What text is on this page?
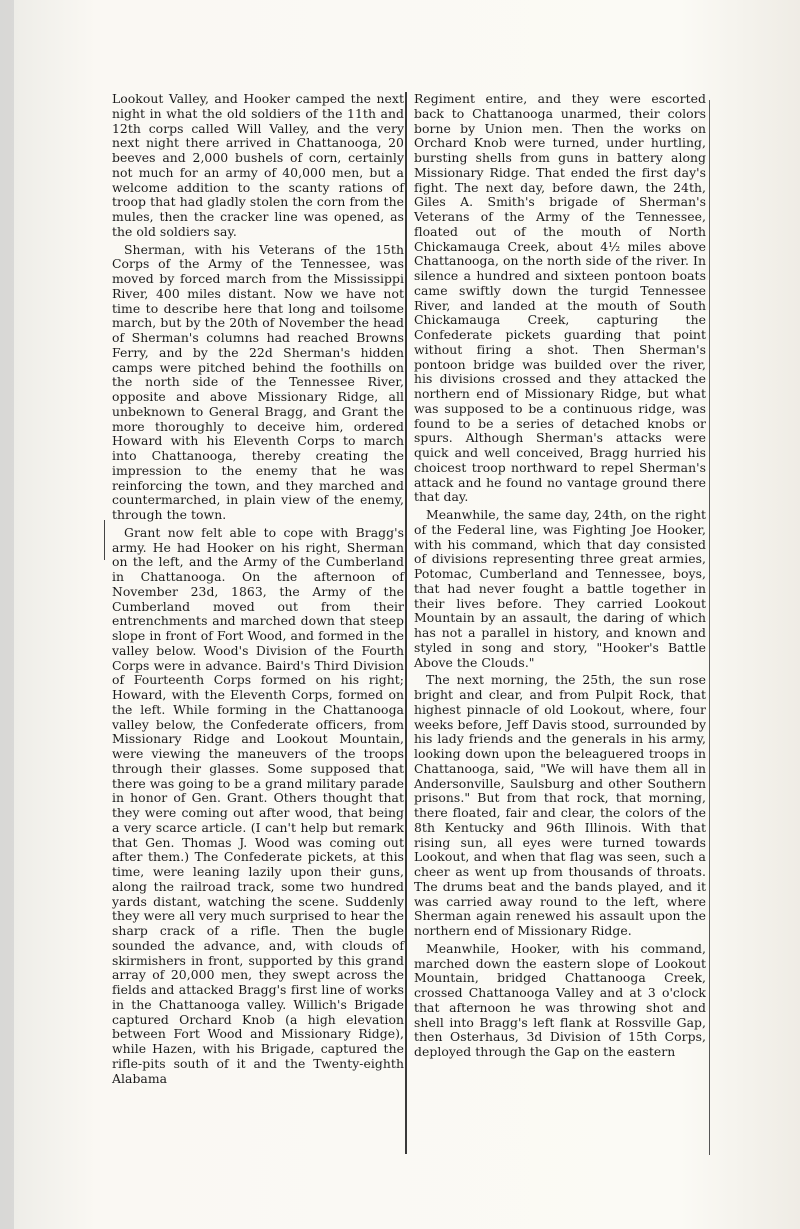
Lookout Valley, and Hooker camped the next night in what the old soldiers of the 11th and 12th corps called Will Valley, and the very next night there arrived in Chattanooga, 20 beeves and 2,000 bushels of corn, certainly not much for an army of 40,000 men, but a welcome addition to the scanty rations of troop that had gladly stolen the corn from the mules, then the cracker line was opened, as the old soldiers say.

Sherman, with his Veterans of the 15th Corps of the Army of the Tennessee, was moved by forced march from the Mississippi River, 400 miles distant. Now we have not time to describe here that long and toilsome march, but by the 20th of November the head of Sherman's columns had reached Browns Ferry, and by the 22d Sherman's hidden camps were pitched behind the foothills on the north side of the Tennessee River, opposite and above Missionary Ridge, all unbeknown to General Bragg, and Grant the more thoroughly to deceive him, ordered Howard with his Eleventh Corps to march into Chattanooga, thereby creating the impression to the enemy that he was reinforcing the town, and they marched and countermarched, in plain view of the enemy, through the town.

Grant now felt able to cope with Bragg's army. He had Hooker on his right, Sherman on the left, and the Army of the Cumberland in Chattanooga. On the afternoon of November 23d, 1863, the Army of the Cumberland moved out from their entrenchments and marched down that steep slope in front of Fort Wood, and formed in the valley below. Wood's Division of the Fourth Corps were in advance. Baird's Third Division of Fourteenth Corps formed on his right; Howard, with the Eleventh Corps, formed on the left. While forming in the Chattanooga valley below, the Confederate officers, from Missionary Ridge and Lookout Mountain, were viewing the maneuvers of the troops through their glasses. Some supposed that there was going to be a grand military parade in honor of Gen. Grant. Others thought that they were coming out after wood, that being a very scarce article. (I can't help but remark that Gen. Thomas J. Wood was coming out after them.) The Confederate pickets, at this time, were leaning lazily upon their guns, along the railroad track, some two hundred yards distant, watching the scene. Suddenly they were all very much surprised to hear the sharp crack of a rifle. Then the bugle sounded the advance, and, with clouds of skirmishers in front, supported by this grand array of 20,000 men, they swept across the fields and attacked Bragg's first line of works in the Chattanooga valley. Willich's Brigade captured Orchard Knob (a high elevation between Fort Wood and Missionary Ridge), while Hazen, with his Brigade, captured the rifle-pits south of it and the Twenty-eighth Alabama

Regiment entire, and they were escorted back to Chattanooga unarmed, their colors borne by Union men. Then the works on Orchard Knob were turned, under hurtling, bursting shells from guns in battery along Missionary Ridge. That ended the first day's fight. The next day, before dawn, the 24th, Giles A. Smith's brigade of Sherman's Veterans of the Army of the Tennessee, floated out of the mouth of North Chickamauga Creek, about 4½ miles above Chattanooga, on the north side of the river. In silence a hundred and sixteen pontoon boats came swiftly down the turgid Tennessee River, and landed at the mouth of South Chickamauga Creek, capturing the Confederate pickets guarding that point without firing a shot. Then Sherman's pontoon bridge was builded over the river, his divisions crossed and they attacked the northern end of Missionary Ridge, but what was supposed to be a continuous ridge, was found to be a series of detached knobs or spurs. Although Sherman's attacks were quick and well conceived, Bragg hurried his choicest troop northward to repel Sherman's attack and he found no vantage ground there that day.

Meanwhile, the same day, 24th, on the right of the Federal line, was Fighting Joe Hooker, with his command, which that day consisted of divisions representing three great armies, Potomac, Cumberland and Tennessee, boys, that had never fought a battle together in their lives before. They carried Lookout Mountain by an assault, the daring of which has not a parallel in history, and known and styled in song and story, "Hooker's Battle Above the Clouds."

The next morning, the 25th, the sun rose bright and clear, and from Pulpit Rock, that highest pinnacle of old Lookout, where, four weeks before, Jeff Davis stood, surrounded by his lady friends and the generals in his army, looking down upon the beleaguered troops in Chattanooga, said, "We will have them all in Andersonville, Saulsburg and other Southern prisons." But from that rock, that morning, there floated, fair and clear, the colors of the 8th Kentucky and 96th Illinois. With that rising sun, all eyes were turned towards Lookout, and when that flag was seen, such a cheer as went up from thousands of throats. The drums beat and the bands played, and it was carried away round to the left, where Sherman again renewed his assault upon the northern end of Missionary Ridge.

Meanwhile, Hooker, with his command, marched down the eastern slope of Lookout Mountain, bridged Chattanooga Creek, crossed Chattanooga Valley and at 3 o'clock that afternoon he was throwing shot and shell into Bragg's left flank at Rossville Gap, then Osterhaus, 3d Division of 15th Corps, deployed through the Gap on the eastern
